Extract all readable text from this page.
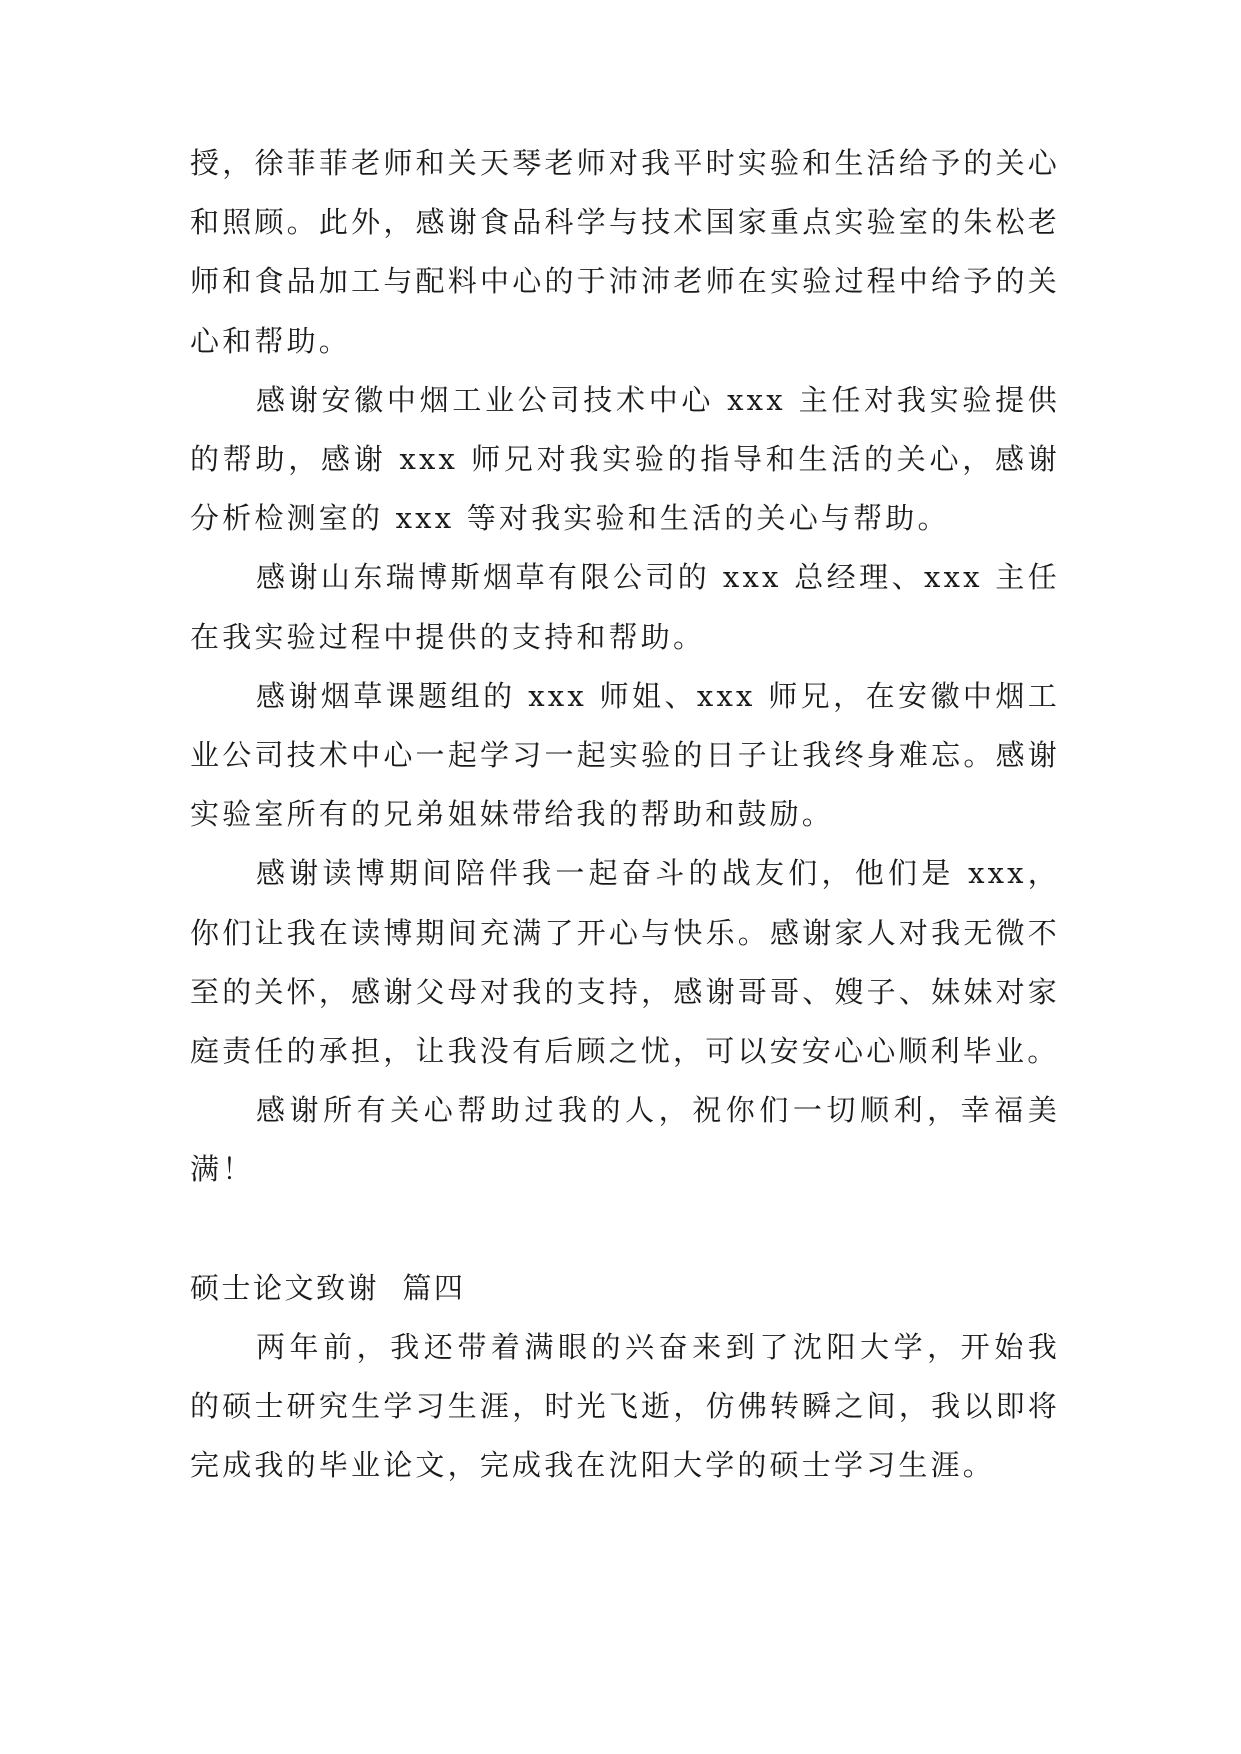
授，徐菲菲老师和关天琴老师对我平时实验和生活给予的关心和照顾。此外，感谢食品科学与技术国家重点实验室的朱松老师和食品加工与配料中心的于沛沛老师在实验过程中给予的关心和帮助。

感谢安徽中烟工业公司技术中心 xxx 主任对我实验提供的帮助，感谢 xxx 师兄对我实验的指导和生活的关心，感谢分析检测室的 xxx 等对我实验和生活的关心与帮助。

感谢山东瑞博斯烟草有限公司的 xxx 总经理、xxx 主任在我实验过程中提供的支持和帮助。

感谢烟草课题组的 xxx 师姐、xxx 师兄，在安徽中烟工业公司技术中心一起学习一起实验的日子让我终身难忘。感谢实验室所有的兄弟姐妹带给我的帮助和鼓励。

感谢读博期间陪伴我一起奋斗的战友们，他们是 xxx，你们让我在读博期间充满了开心与快乐。感谢家人对我无微不至的关怀，感谢父母对我的支持，感谢哥哥、嫂子、妹妹对家庭责任的承担，让我没有后顾之忧，可以安安心心顺利毕业。

感谢所有关心帮助过我的人，祝你们一切顺利，幸福美满！

硕士论文致谢  篇四

两年前，我还带着满眼的兴奋来到了沈阳大学，开始我的硕士研究生学习生涯，时光飞逝，仿佛转瞬之间，我以即将完成我的毕业论文，完成我在沈阳大学的硕士学习生涯。
